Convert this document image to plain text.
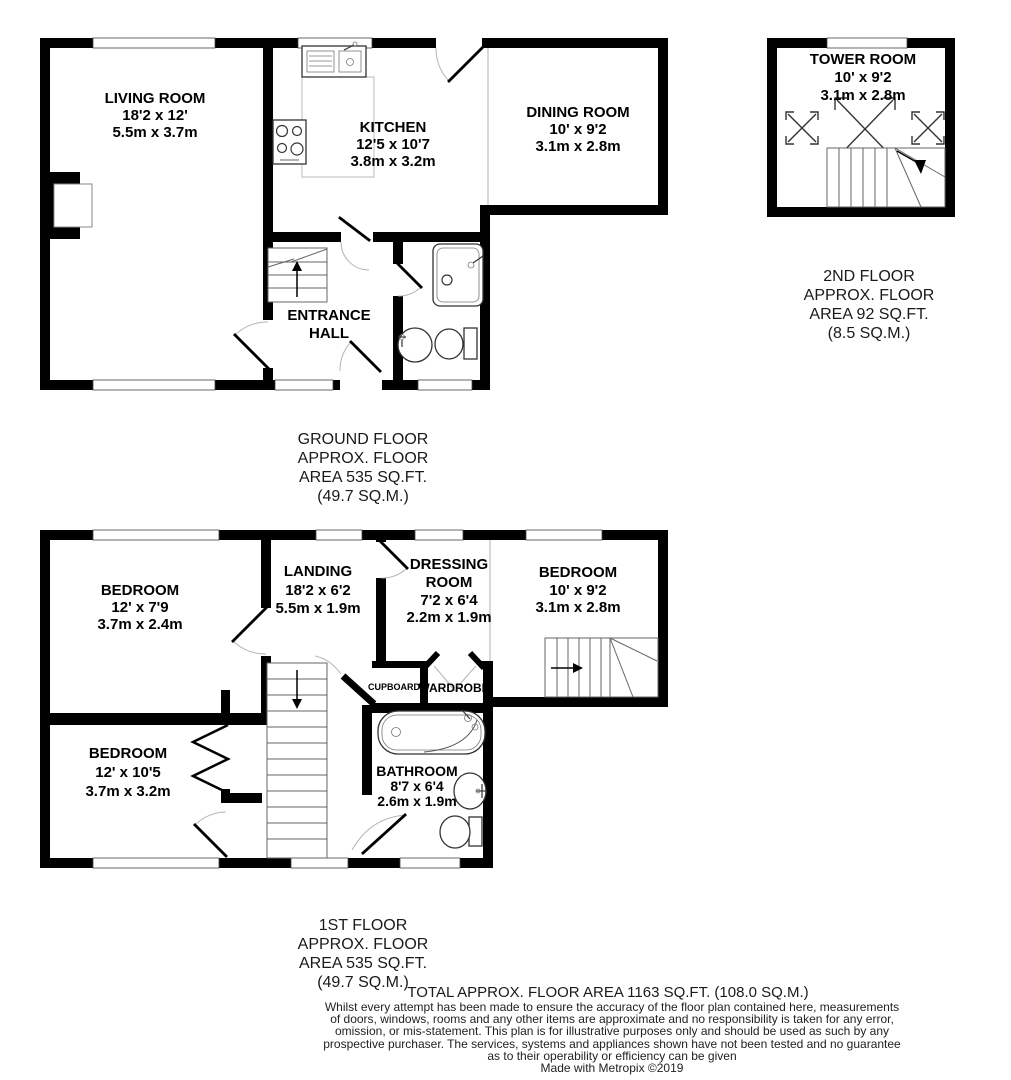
LIVING ROOM
18'2 x 12'
5.5m x 3.7m	KITCHEN
12'5 x 10'7
3.8m x 3.2m
DINING ROOM
10' x 9'2
3.1m x 2.8m
ENTRANCE
HALL
GROUND FLOOR
APPROX. FLOOR
AREA 535 SQ.FT.
(49.7 SQ.M.)
TOWER ROOM
10' x 9'2
3.1m x 2.8m
2ND FLOOR
APPROX. FLOOR
AREA 92 SQ.FT.
(8.5 SQ.M.)
BEDROOM
12' x 7'9
3.7m x 2.4m
LANDING
18'2 x 6'2
5.5m x 1.9m
DRESSING
ROOM
7'2 x 6'4
2.2m x 1.9m
BEDROOM
10' x 9'2
3.1m x 2.8m
BEDROOM
12' x 10'5
3.7m x 3.2m
BATHROOM
8'7 x 6'4
2.6m x 1.9m
CUPBOARD
WARDROBE
1ST FLOOR
APPROX. FLOOR
AREA 535 SQ.FT.
(49.7 SQ.M.)
TOTAL APPROX. FLOOR AREA 1163 SQ.FT. (108.0 SQ.M.)
Whilst every attempt has been made to ensure the accuracy of the floor plan contained here, measurements
of doors, windows, rooms and any other items are approximate and no responsibility is taken for any error,
omission, or mis-statement. This plan is for illustrative purposes only and should be used as such by any
prospective purchaser. The services, systems and appliances shown have not been tested and no guarantee
as to their operability or efficiency can be given
Made with Metropix ©2019
